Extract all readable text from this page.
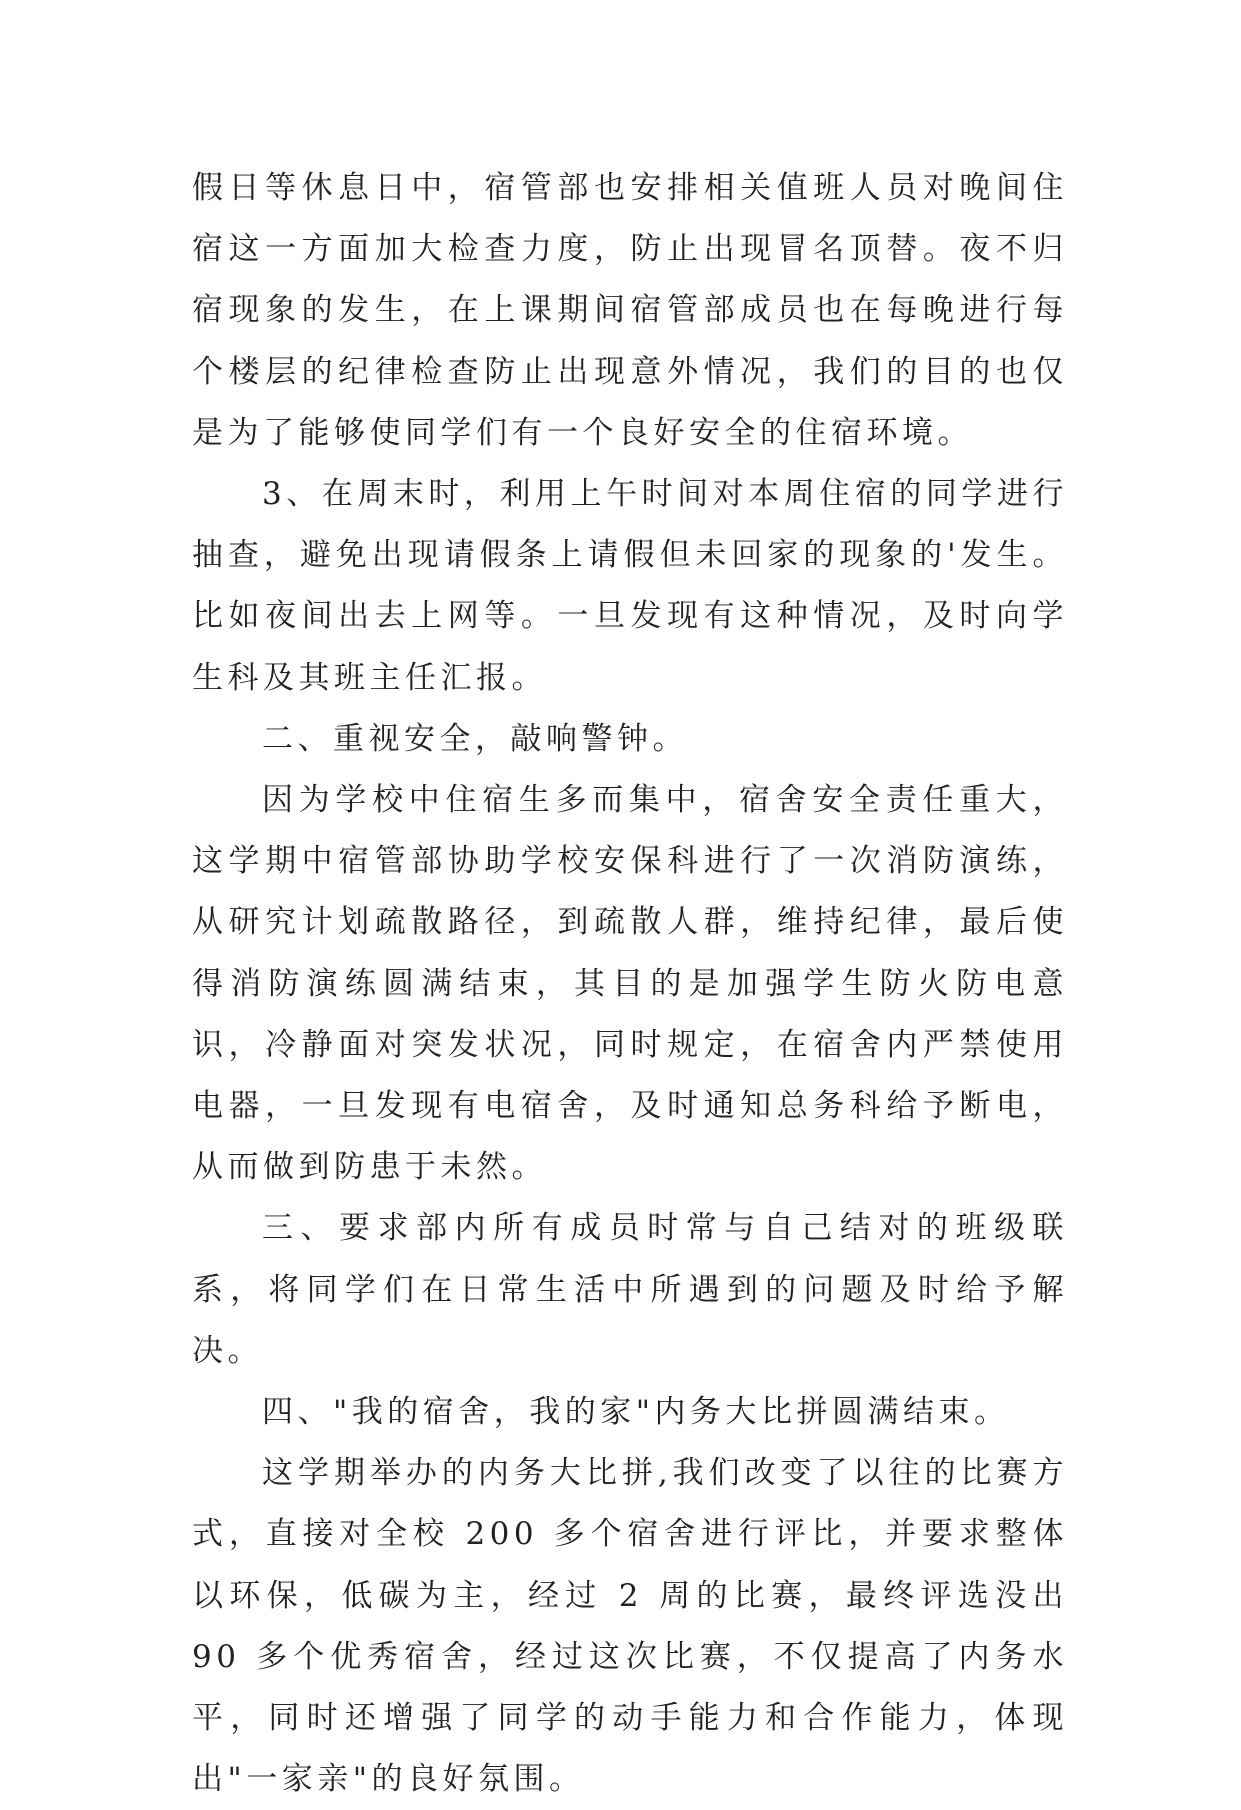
假日等休息日中，宿管部也安排相关值班人员对晚间住宿这一方面加大检查力度，防止出现冒名顶替。夜不归宿现象的发生，在上课期间宿管部成员也在每晚进行每个楼层的纪律检查防止出现意外情况，我们的目的也仅是为了能够使同学们有一个良好安全的住宿环境。

3、在周末时，利用上午时间对本周住宿的同学进行抽查，避免出现请假条上请假但未回家的现象的'发生。比如夜间出去上网等。一旦发现有这种情况，及时向学生科及其班主任汇报。

二、重视安全，敲响警钟。

因为学校中住宿生多而集中，宿舍安全责任重大，这学期中宿管部协助学校安保科进行了一次消防演练，从研究计划疏散路径，到疏散人群，维持纪律，最后使得消防演练圆满结束，其目的是加强学生防火防电意识，冷静面对突发状况，同时规定，在宿舍内严禁使用电器，一旦发现有电宿舍，及时通知总务科给予断电，从而做到防患于未然。

三、要求部内所有成员时常与自己结对的班级联系，将同学们在日常生活中所遇到的问题及时给予解决。

四、"我的宿舍，我的家"内务大比拼圆满结束。

这学期举办的内务大比拼,我们改变了以往的比赛方式，直接对全校 200 多个宿舍进行评比，并要求整体以环保，低碳为主，经过 2 周的比赛，最终评选没出 90 多个优秀宿舍，经过这次比赛，不仅提高了内务水平，同时还增强了同学的动手能力和合作能力，体现出"一家亲"的良好氛围。
